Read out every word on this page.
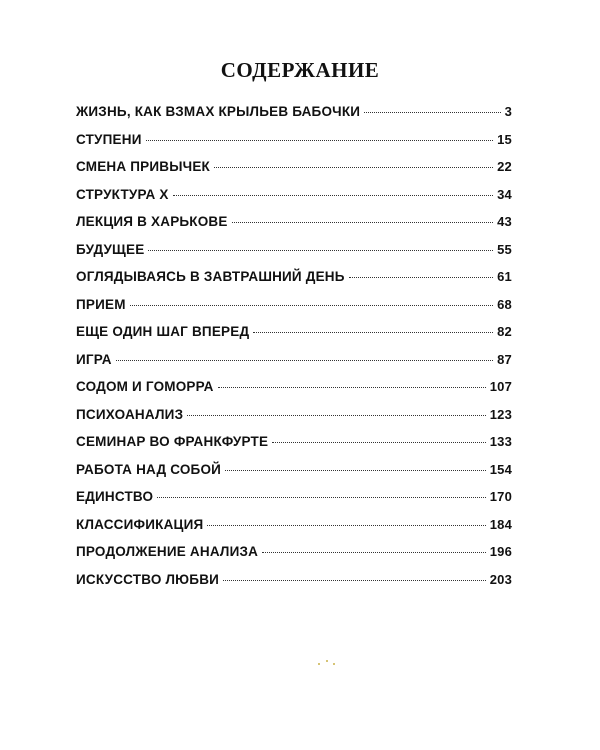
СОДЕРЖАНИЕ
ЖИЗНЬ, КАК ВЗМАХ КРЫЛЬЕВ БАБОЧКИ	3
СТУПЕНИ	15
СМЕНА ПРИВЫЧЕК	22
СТРУКТУРА Х	34
ЛЕКЦИЯ В ХАРЬКОВЕ	43
БУДУЩЕЕ	55
ОГЛЯДЫВАЯСЬ В ЗАВТРАШНИЙ ДЕНЬ	61
ПРИЕМ	68
ЕЩЕ ОДИН ШАГ ВПЕРЕД	82
ИГРА	87
СОДОМ И ГОМОРРА	107
ПСИХОАНАЛИЗ	123
СЕМИНАР ВО ФРАНКФУРТЕ	133
РАБОТА НАД СОБОЙ	154
ЕДИНСТВО	170
КЛАССИФИКАЦИЯ	184
ПРОДОЛЖЕНИЕ АНАЛИЗА	196
ИСКУССТВО ЛЮБВИ	203
